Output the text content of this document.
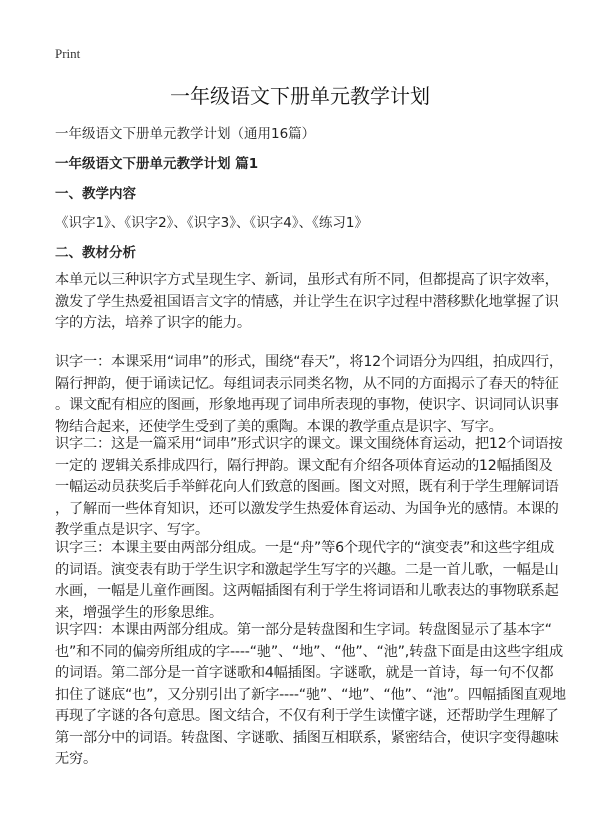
Print
一年级语文下册单元教学计划
一年级语文下册单元教学计划（通用16篇）
一年级语文下册单元教学计划 篇1
一、教学内容
《识字1》、《识字2》、《识字3》、《识字4》、《练习1》
二、教材分析
本单元以三种识字方式呈现生字、新词，虽形式有所不同，但都提高了识字效率，
激发了学生热爱祖国语言文字的情感，并让学生在识字过程中潜移默化地掌握了识
字的方法，培养了识字的能力。
识字一：本课采用“词串”的形式，围绕“春天”，将12个词语分为四组，拍成四行，
隔行押韵，便于诵读记忆。每组词表示同类名物，从不同的方面揭示了春天的特征
。课文配有相应的图画，形象地再现了词串所表现的事物，使识字、识词同认识事
物结合起来，还使学生受到了美的熏陶。本课的教学重点是识字、写字。
识字二：这是一篇采用“词串”形式识字的课文。课文围绕体育运动，把12个词语按
一定的 逻辑关系排成四行，隔行押韵。课文配有介绍各项体育运动的12幅插图及
一幅运动员获奖后手举鲜花向人们致意的图画。图文对照，既有利于学生理解词语
，了解而一些体育知识，还可以激发学生热爱体育运动、为国争光的感情。本课的
教学重点是识字、写字。
识字三：本课主要由两部分组成。一是“舟”等6个现代字的“演变表”和这些字组成
的词语。演变表有助于学生识字和激起学生写字的兴趣。二是一首儿歌，一幅是山
水画，一幅是儿童作画图。这两幅插图有利于学生将词语和儿歌表达的事物联系起
来，增强学生的形象思维。
识字四：本课由两部分组成。第一部分是转盘图和生字词。转盘图显示了基本字“
也”和不同的偏旁所组成的字----“驰”、“地”、“他”、“池”,转盘下面是由这些字组成
的词语。第二部分是一首字谜歌和4幅插图。字谜歌，就是一首诗，每一句不仅都
扣住了谜底“也”，又分别引出了新字----“驰”、“地”、“他”、“池”。四幅插图直观地
再现了字谜的各句意思。图文结合，不仅有利于学生读懂字谜，还帮助学生理解了
第一部分中的词语。转盘图、字谜歌、插图互相联系，紧密结合，使识字变得趣味
无穷。
